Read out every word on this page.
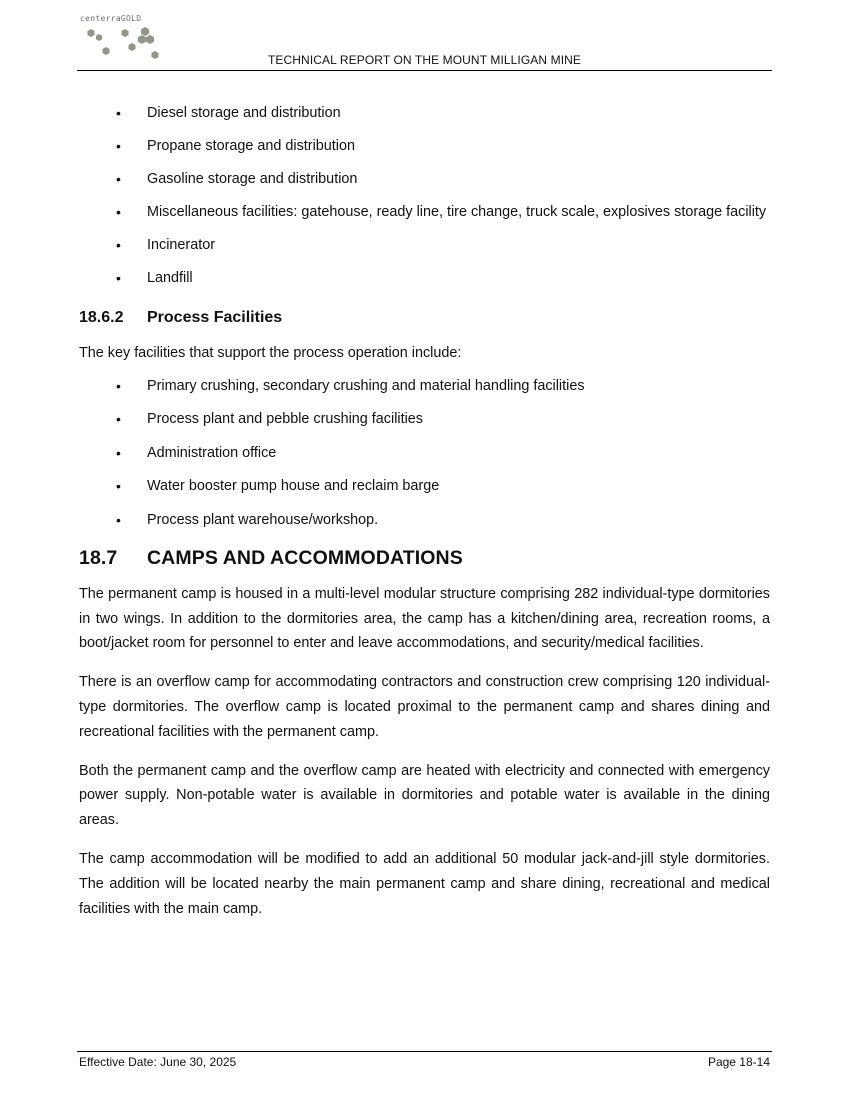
centerraGOLD
TECHNICAL REPORT ON THE MOUNT MILLIGAN MINE
• Diesel storage and distribution
• Propane storage and distribution
• Gasoline storage and distribution
• Miscellaneous facilities: gatehouse, ready line, tire change, truck scale, explosives storage facility
• Incinerator
• Landfill
18.6.2 Process Facilities

The key facilities that support the process operation include:

• Primary crushing, secondary crushing and material handling facilities
• Process plant and pebble crushing facilities
• Administration office
• Water booster pump house and reclaim barge
• Process plant warehouse/workshop.
18.7 CAMPS AND ACCOMMODATIONS

The permanent camp is housed in a multi-level modular structure comprising 282 individual-type dormitories in two wings. In addition to the dormitories area, the camp has a kitchen/dining area, recreation rooms, a boot/jacket room for personnel to enter and leave accommodations, and security/medical facilities.

There is an overflow camp for accommodating contractors and construction crew comprising 120 individual-type dormitories. The overflow camp is located proximal to the permanent camp and shares dining and recreational facilities with the permanent camp.

Both the permanent camp and the overflow camp are heated with electricity and connected with emergency power supply. Non-potable water is available in dormitories and potable water is available in the dining areas.

The camp accommodation will be modified to add an additional 50 modular jack-and-jill style dormitories. The addition will be located nearby the main permanent camp and share dining, recreational and medical facilities with the main camp.

Effective Date: June 30, 2025	Page 18-14
